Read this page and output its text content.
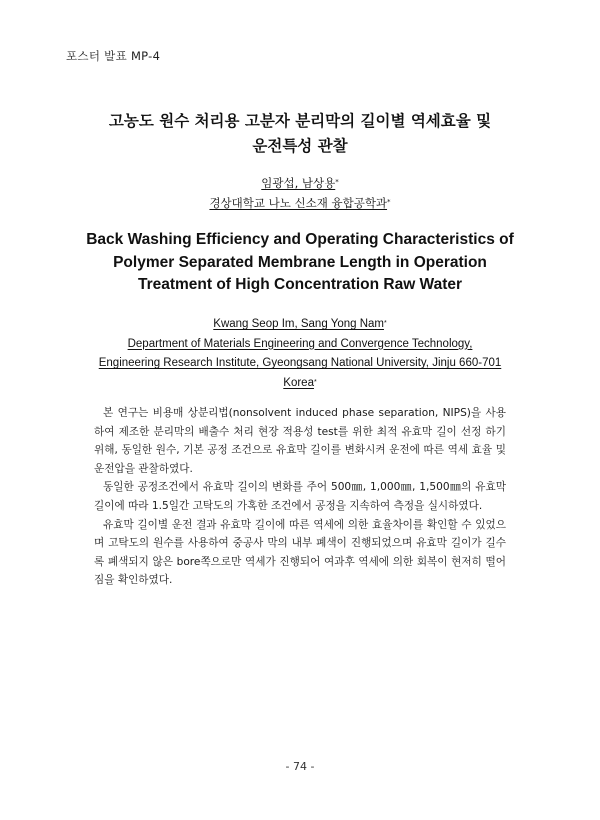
포스터 발표 MP-4
고농도 원수 처리용 고분자 분리막의 길이별 역세효율 및
운전특성 관찰
임광섭, 남상용*
경상대학교 나노 신소재 융합공학과*
Back Washing Efficiency and Operating Characteristics of
Polymer Separated Membrane Length in Operation
Treatment of High Concentration Raw Water
Kwang Seop Im, Sang Yong Nam*
Department of Materials Engineering and Convergence Technology,
Engineering Research Institute, Gyeongsang National University, Jinju 660-701
Korea*

본 연구는 비용매 상분리법(nonsolvent induced phase separation, NIPS)을 사용하여 제조한 분리막의 배출수 처리 현장 적용성 test를 위한 최적 유효막 길이 선정 하기 위해, 동일한 원수, 기본 공정 조건으로 유효막 길이를 변화시켜 운전에 따른 역세 효율 및 운전압을 관찰하였다.

동일한 공정조건에서 유효막 길이의 변화를 주어 500㎜, 1,000㎜, 1,500㎜의 유효막 길이에 따라 1.5일간 고탁도의 가혹한 조건에서 공정을 지속하여 측정을 실시하였다.

유효막 길이별 운전 결과 유효막 길이에 따른 역세에 의한 효율차이를 확인할 수 있었으며 고탁도의 원수를 사용하여 중공사 막의 내부 폐색이 진행되었으며 유효막 길이가 길수록 폐색되지 않은 bore쪽으로만 역세가 진행되어 여과후 역세에 의한 회복이 현저히 떨어짐을 확인하였다.

- 74 -
